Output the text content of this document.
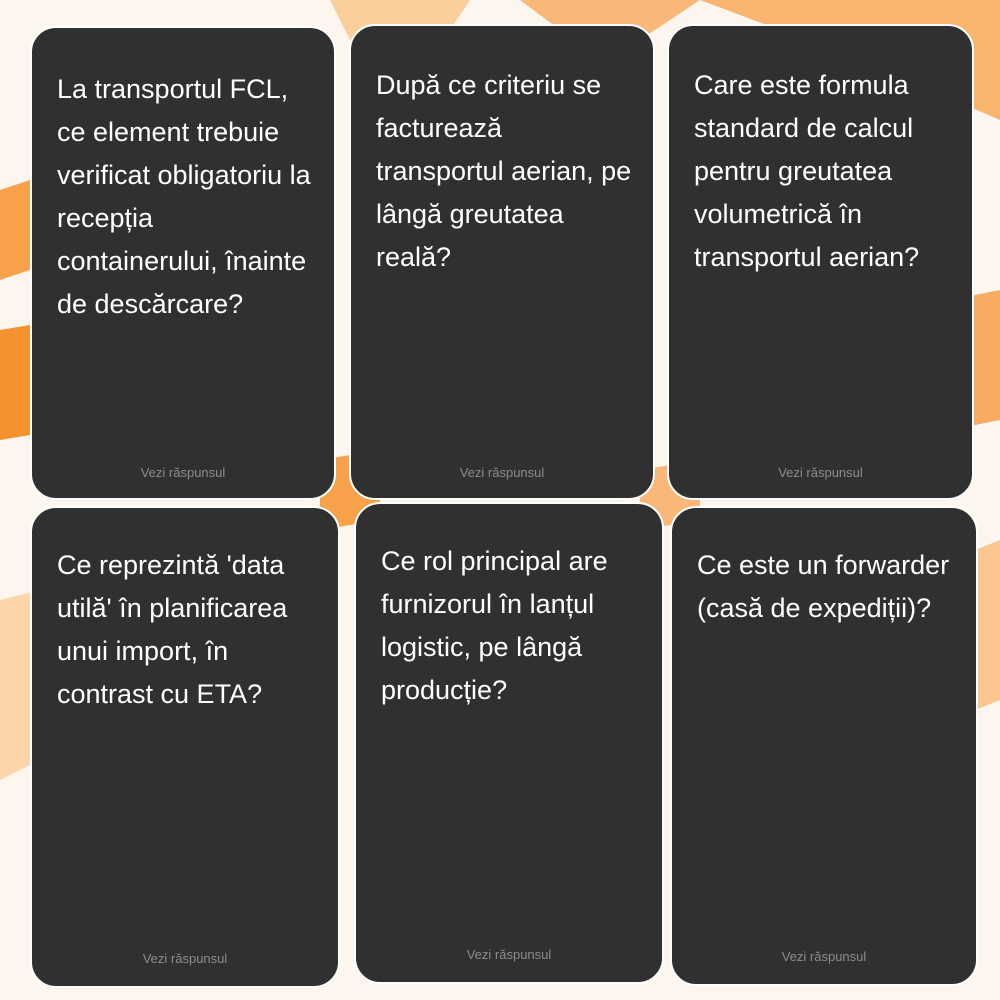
La transportul FCL, ce element trebuie verificat obligatoriu la recepția containerului, înainte de descărcare?

Vezi răspunsul

După ce criteriu se facturează transportul aerian, pe lângă greutatea reală?

Vezi răspunsul

Care este formula standard de calcul pentru greutatea volumetrică în transportul aerian?

Vezi răspunsul

Ce reprezintă 'data utilă' în planificarea unui import, în contrast cu ETA?

Vezi răspunsul

Ce rol principal are furnizorul în lanțul logistic, pe lângă producție?

Vezi răspunsul

Ce este un forwarder (casă de expediții)?

Vezi răspunsul
